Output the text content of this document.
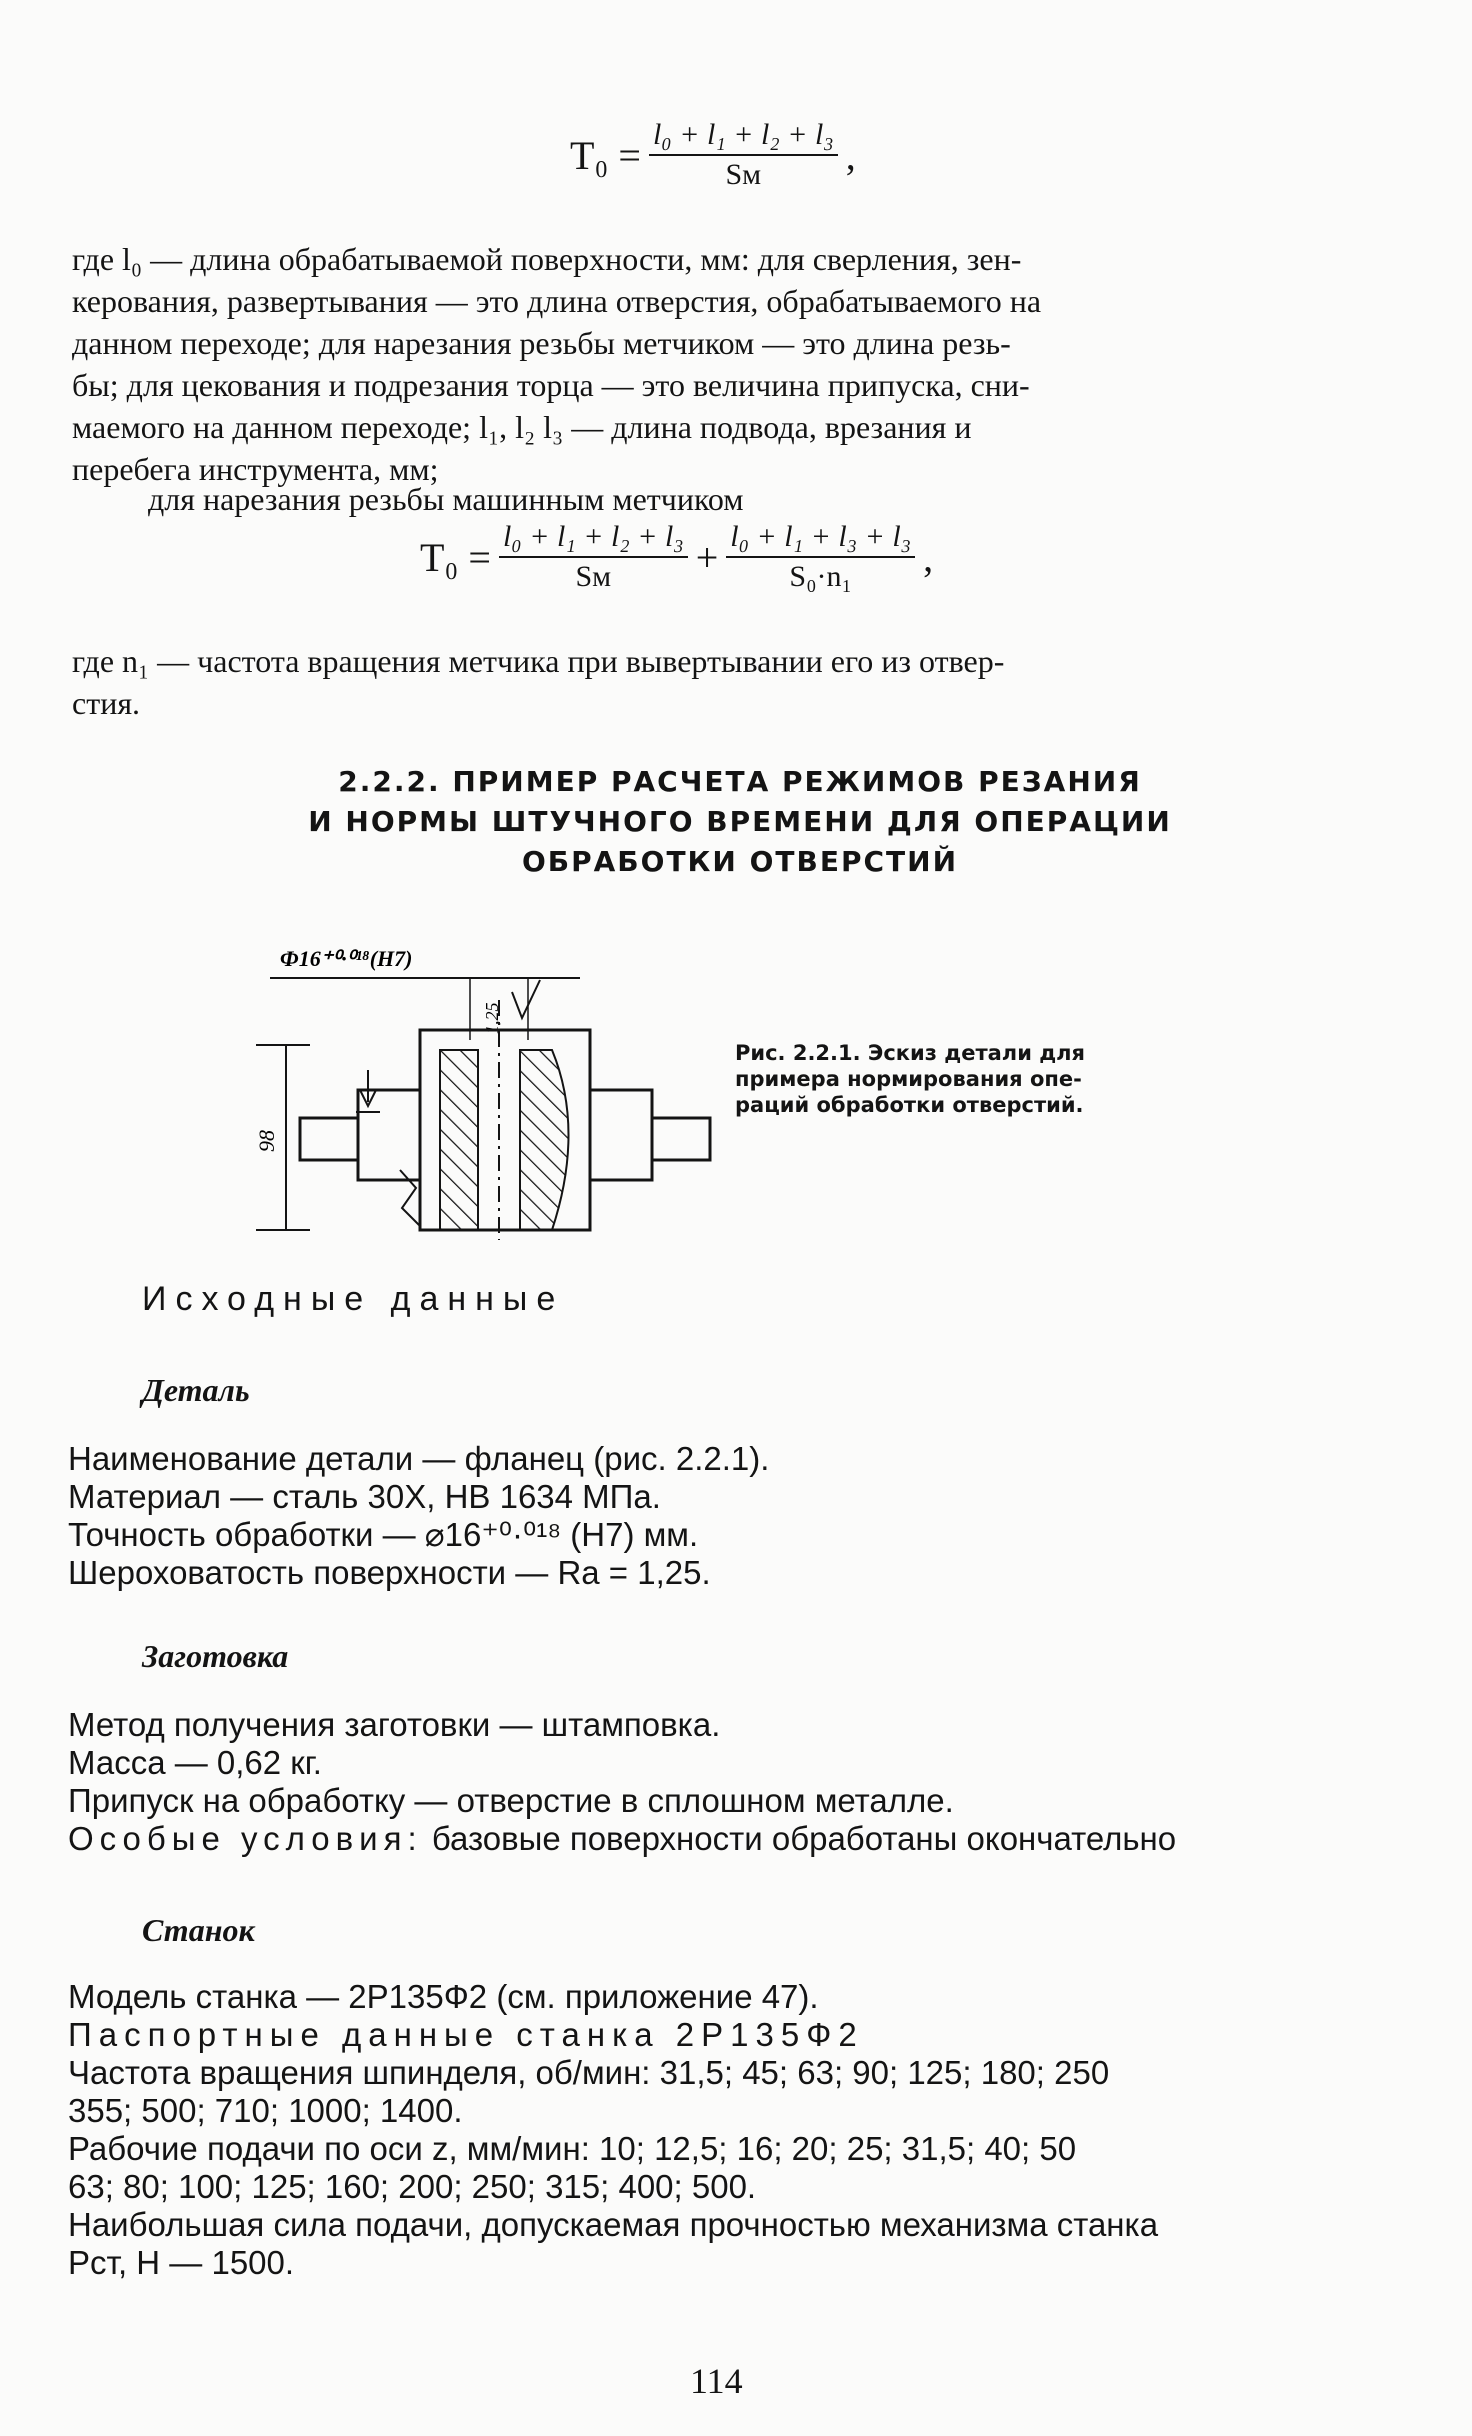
$T_0 = \frac{\text{l₀ + l₁ + l₂ + l₃}}{Sм}$ ,
где l₀ — длина обрабатываемой поверхности, мм: для сверления, зен-
керования, развертывания — это длина отверстия, обрабатываемого на
данном переходе; для нарезания резьбы метчиком — это длина резь-
бы; для цекования и подрезания торца — это величина припуска, сни-
маемого на данном переходе; l₁, l₂ l₃ — длина подвода, врезания и
перебега инструмента, мм;
для нарезания резьбы машинным метчиком
$T_0 = \frac{\text{l₀ + l₁ + l₂ + l₃}}{Sм} + \frac{\text{l₀ + l₁ + l₃ + l₃}}{\text{S₀·n₁}}$ ,
где n₁ — частота вращения метчика при вывертывании его из отвер-
стия.
2.2.2. ПРИМЕР РАСЧЕТА РЕЖИМОВ РЕЗАНИЯ
И НОРМЫ ШТУЧНОГО ВРЕМЕНИ ДЛЯ ОПЕРАЦИИ
ОБРАБОТКИ ОТВЕРСТИЙ
Ф16⁺⁰·⁰¹⁸(Н7)
1,25
98
Рис. 2.2.1. Эскиз детали для
примера нормирования опе-
раций обработки отверстий.
Исходные данные
Деталь
Наименование детали — фланец (рис. 2.2.1).
Материал — сталь 30Х, НВ 1634 МПа.
Точность обработки — ⌀16⁺⁰·⁰¹⁸ (Н7) мм.
Шероховатость поверхности — Ra = 1,25.
Заготовка
Метод получения заготовки — штамповка.
Масса — 0,62 кг.
Припуск на обработку — отверстие в сплошном металле.
Особые условия: базовые поверхности обработаны окончательно
Станок
Модель станка — 2Р135Ф2 (см. приложение 47).
Паспортные данные станка 2Р135Ф2
Частота вращения шпинделя, об/мин: 31,5; 45; 63; 90; 125; 180; 250
355; 500; 710; 1000; 1400.
Рабочие подачи по оси z, мм/мин: 10; 12,5; 16; 20; 25; 31,5; 40; 50
63; 80; 100; 125; 160; 200; 250; 315; 400; 500.
Наибольшая сила подачи, допускаемая прочностью механизма станка
Рст, Н — 1500.
114
